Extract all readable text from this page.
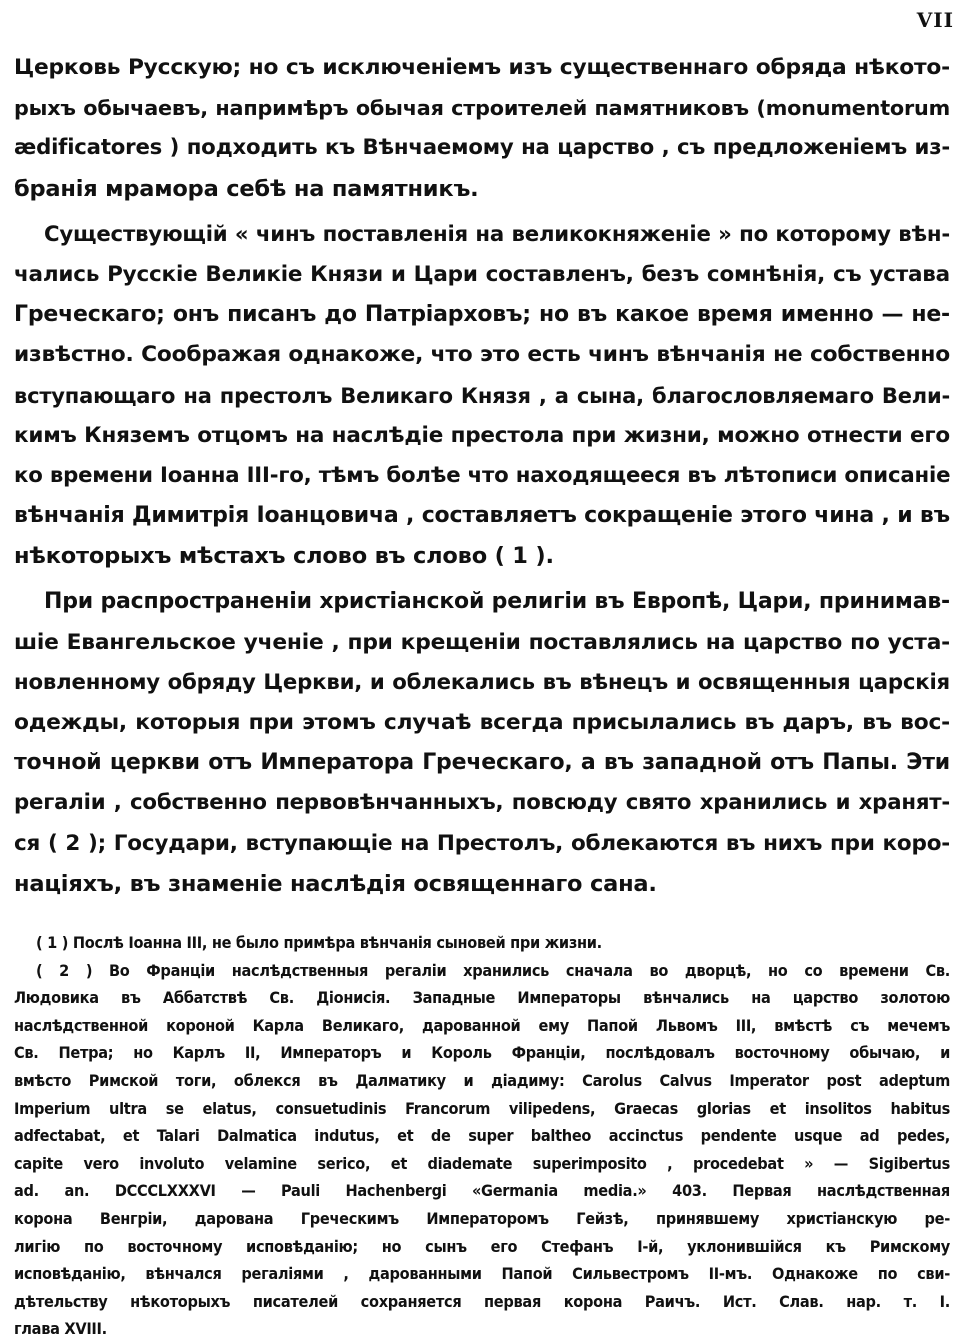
VII
Церковь Русскую; но съ исключеніемъ изъ существеннаго обряда нѣкото-
рыхъ обычаевъ, напримѣръ обычая строителей памятниковъ (monumentorum
ædificatores ) подходить къ Вѣнчаемому на царство , съ предложеніемъ из-
бранія мрамора себѣ на памятникъ.
Существующій « чинъ поставленія на великокняженіе » по которому вѣн-
чались Русскіе Великіе Князи и Цари составленъ, безъ сомнѣнія, съ устава
Греческаго; онъ писанъ до Патріарховъ; но въ какое время именно — не-
извѣстно. Соображая однакоже, что это есть чинъ вѣнчанія не собственно
вступающаго на престолъ Великаго Князя , а сына, благословляемаго Вели-
кимъ Княземъ отцомъ на наслѣдіе престола при жизни, можно отнести его
ко времени Іоанна III-го, тѣмъ болѣе что находящееся въ лѣтописи описаніе
вѣнчанія Димитрія Іоанцовича , составляетъ сокращеніе этого чина , и въ
нѣкоторыхъ мѣстахъ слово въ слово ( 1 ).
При распространеніи христіанской религіи въ Европѣ, Цари, принимав-
шіе Евангельское ученіе , при крещеніи поставлялись на царство по уста-
новленному обряду Церкви, и облекались въ вѣнецъ и освященныя царскія
одежды, которыя при этомъ случаѣ всегда присылались въ даръ, въ вос-
точной церкви отъ Императора Греческаго, а въ западной отъ Папы. Эти
регаліи , собственно первовѣнчанныхъ, повсюду свято хранились и хранят-
ся ( 2 ); Государи, вступающіе на Престолъ, облекаются въ нихъ при коро-
націяхъ, въ знаменіе наслѣдія освященнаго сана.
( 1 ) Послѣ Іоанна III, не было примѣра вѣнчанія сыновей при жизни.
( 2 ) Во Франціи наслѣдственныя регаліи хранились сначала во дворцѣ, но со времени Св.
Людовика въ Аббатствѣ Св. Діонисія. Западные Императоры вѣнчались на царство золотою
наслѣдственной короной Карла Великаго, дарованной ему Папой Львомъ III, вмѣстѣ съ мечемъ
Св. Петра; но Карлъ II, Императоръ и Король Франціи, послѣдовалъ восточному обычаю, и
вмѣсто Римской тоги, облекся въ Далматику и діадиму: Carolus Calvus Imperator post adeptum
Imperium ultra se elatus, consuetudinis Francorum vilipedens, Graecas glorias et insolitos habitus
adfectabat, et Talari Dalmatica indutus, et de super baltheo accinctus pendente usque ad pedes,
capite vero involuto velamine serico, et diademate superimposito , procedebat » — Sigibertus
ad. an. DCCCLXXXVI — Pauli Hachenbergi «Germania media.» 403. Первая наслѣдственная
корона Венгріи, дарована Греческимъ Императоромъ Гейзѣ, принявшему христіанскую ре-
лигію по восточному исповѣданію; но сынъ его Стефанъ I-й, уклонившійся къ Римскому
исповѣданію, вѣнчался регаліями , дарованными Папой Сильвестромъ II-мъ. Однакоже по сви-
дѣтельству нѣкоторыхъ писателей сохраняется первая корона Раичъ. Ист. Слав. нар. т. I.
глава XVIII.
